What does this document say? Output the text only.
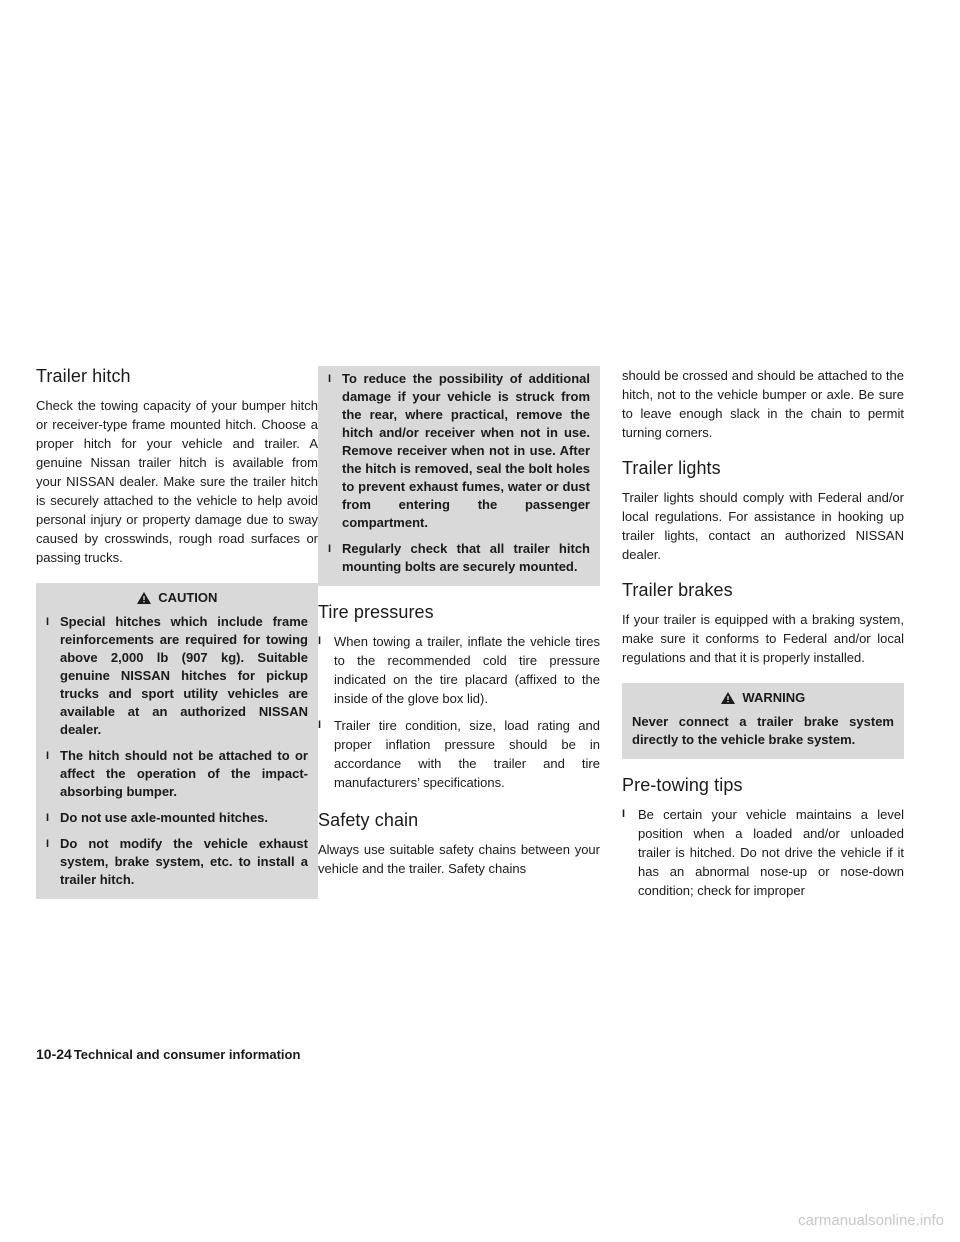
Trailer hitch

Check the towing capacity of your bumper hitch or receiver-type frame mounted hitch. Choose a proper hitch for your vehicle and trailer. A genuine Nissan trailer hitch is available from your NISSAN dealer. Make sure the trailer hitch is securely attached to the vehicle to help avoid personal injury or property damage due to sway caused by crosswinds, rough road surfaces or passing trucks.

CAUTION
I Special hitches which include frame reinforcements are required for towing above 2,000 lb (907 kg). Suitable genuine NISSAN hitches for pickup trucks and sport utility vehicles are available at an authorized NISSAN dealer.
I The hitch should not be attached to or affect the operation of the impact-absorbing bumper.
I Do not use axle-mounted hitches.
I Do not modify the vehicle exhaust system, brake system, etc. to install a trailer hitch.
I To reduce the possibility of additional damage if your vehicle is struck from the rear, where practical, remove the hitch and/or receiver when not in use. Remove receiver when not in use. After the hitch is removed, seal the bolt holes to prevent exhaust fumes, water or dust from entering the passenger compartment.
I Regularly check that all trailer hitch mounting bolts are securely mounted.
Tire pressures
I When towing a trailer, inflate the vehicle tires to the recommended cold tire pressure indicated on the tire placard (affixed to the inside of the glove box lid).
I Trailer tire condition, size, load rating and proper inflation pressure should be in accordance with the trailer and tire manufacturers’ specifications.
Safety chain

Always use suitable safety chains between your vehicle and the trailer. Safety chains

should be crossed and should be attached to the hitch, not to the vehicle bumper or axle. Be sure to leave enough slack in the chain to permit turning corners.

Trailer lights

Trailer lights should comply with Federal and/or local regulations. For assistance in hooking up trailer lights, contact an authorized NISSAN dealer.

Trailer brakes

If your trailer is equipped with a braking system, make sure it conforms to Federal and/or local regulations and that it is properly installed.

WARNING
Never connect a trailer brake system directly to the vehicle brake system.
Pre-towing tips
I Be certain your vehicle maintains a level position when a loaded and/or unloaded trailer is hitched. Do not drive the vehicle if it has an abnormal nose-up or nose-down condition; check for improper
10-24 Technical and consumer information
carmanualsonline.info
